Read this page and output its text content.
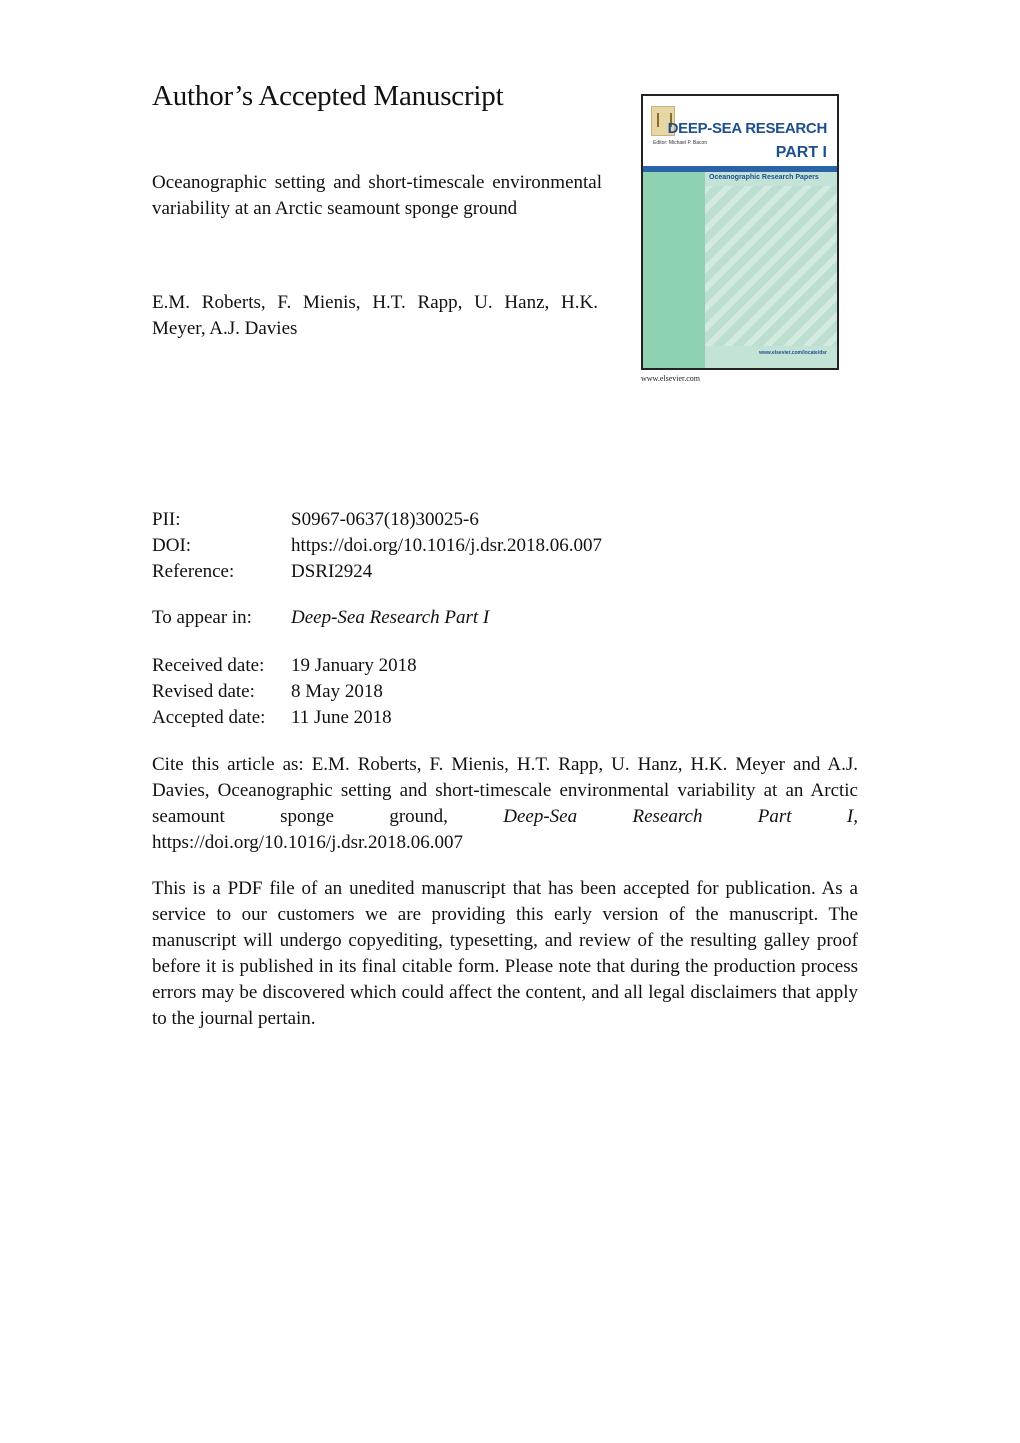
Author’s Accepted Manuscript
Oceanographic setting and short-timescale environmental variability at an Arctic seamount sponge ground
E.M. Roberts, F. Mienis, H.T. Rapp, U. Hanz, H.K. Meyer, A.J. Davies
Editor: Michael P. Bacon
DEEP-SEA RESEARCH
PART I
Oceanographic Research Papers
www.elsevier.com/locate/dsr
www.elsevier.com
PII:	S0967-0637(18)30025-6
DOI:	https://doi.org/10.1016/j.dsr.2018.06.007
Reference:	DSRI2924
To appear in: Deep-Sea Research Part I
Received date: 19 January 2018
Revised date: 8 May 2018
Accepted date: 11 June 2018
Cite this article as: E.M. Roberts, F. Mienis, H.T. Rapp, U. Hanz, H.K. Meyer and A.J. Davies, Oceanographic setting and short-timescale environmental variability at an Arctic seamount sponge ground,	Deep-Sea Research Part I, https://doi.org/10.1016/j.dsr.2018.06.007
This is a PDF file of an unedited manuscript that has been accepted for publication. As a service to our customers we are providing this early version of the manuscript. The manuscript will undergo copyediting, typesetting, and review of the resulting galley proof before it is published in its final citable form. Please note that during the production process errors may be discovered which could affect the content, and all legal disclaimers that apply to the journal pertain.
